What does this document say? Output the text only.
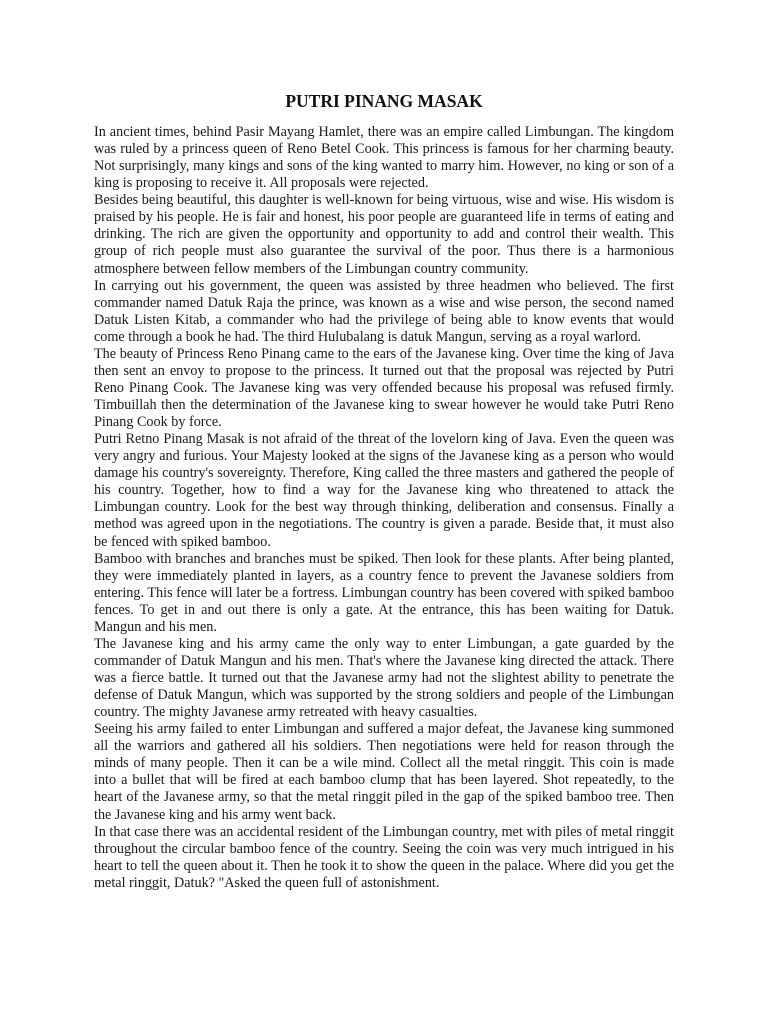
PUTRI PINANG MASAK

In ancient times, behind Pasir Mayang Hamlet, there was an empire called Limbungan. The kingdom was ruled by a princess queen of Reno Betel Cook. This princess is famous for her charming beauty. Not surprisingly, many kings and sons of the king wanted to marry him. However, no king or son of a king is proposing to receive it. All proposals were rejected.

Besides being beautiful, this daughter is well-known for being virtuous, wise and wise. His wisdom is praised by his people. He is fair and honest, his poor people are guaranteed life in terms of eating and drinking. The rich are given the opportunity and opportunity to add and control their wealth. This group of rich people must also guarantee the survival of the poor. Thus there is a harmonious atmosphere between fellow members of the Limbungan country community.

In carrying out his government, the queen was assisted by three headmen who believed. The first commander named Datuk Raja the prince, was known as a wise and wise person, the second named Datuk Listen Kitab, a commander who had the privilege of being able to know events that would come through a book he had. The third Hulubalang is datuk Mangun, serving as a royal warlord.

The beauty of Princess Reno Pinang came to the ears of the Javanese king. Over time the king of Java then sent an envoy to propose to the princess. It turned out that the proposal was rejected by Putri Reno Pinang Cook. The Javanese king was very offended because his proposal was refused firmly. Timbuillah then the determination of the Javanese king to swear however he would take Putri Reno Pinang Cook by force.

Putri Retno Pinang Masak is not afraid of the threat of the lovelorn king of Java. Even the queen was very angry and furious. Your Majesty looked at the signs of the Javanese king as a person who would damage his country's sovereignty. Therefore, King called the three masters and gathered the people of his country. Together, how to find a way for the Javanese king who threatened to attack the Limbungan country. Look for the best way through thinking, deliberation and consensus. Finally a method was agreed upon in the negotiations. The country is given a parade. Beside that, it must also be fenced with spiked bamboo.

Bamboo with branches and branches must be spiked. Then look for these plants. After being planted, they were immediately planted in layers, as a country fence to prevent the Javanese soldiers from entering. This fence will later be a fortress. Limbungan country has been covered with spiked bamboo fences. To get in and out there is only a gate. At the entrance, this has been waiting for Datuk. Mangun and his men.

The Javanese king and his army came the only way to enter Limbungan, a gate guarded by the commander of Datuk Mangun and his men. That's where the Javanese king directed the attack. There was a fierce battle. It turned out that the Javanese army had not the slightest ability to penetrate the defense of Datuk Mangun, which was supported by the strong soldiers and people of the Limbungan country. The mighty Javanese army retreated with heavy casualties.

Seeing his army failed to enter Limbungan and suffered a major defeat, the Javanese king summoned all the warriors and gathered all his soldiers. Then negotiations were held for reason through the minds of many people. Then it can be a wile mind. Collect all the metal ringgit. This coin is made into a bullet that will be fired at each bamboo clump that has been layered. Shot repeatedly, to the heart of the Javanese army, so that the metal ringgit piled in the gap of the spiked bamboo tree. Then the Javanese king and his army went back.

In that case there was an accidental resident of the Limbungan country, met with piles of metal ringgit throughout the circular bamboo fence of the country. Seeing the coin was very much intrigued in his heart to tell the queen about it. Then he took it to show the queen in the palace. Where did you get the metal ringgit, Datuk? "Asked the queen full of astonishment.
